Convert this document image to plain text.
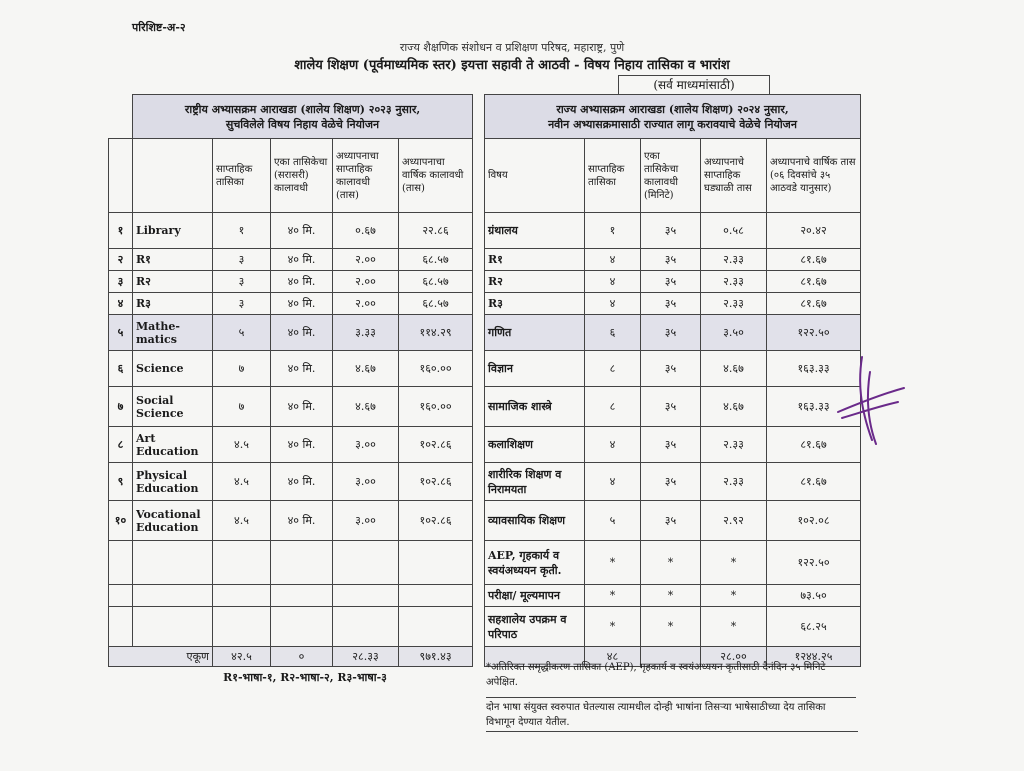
परिशिष्ट-अ-२
राज्य शैक्षणिक संशोधन व प्रशिक्षण परिषद, महाराष्ट्र, पुणे
शालेय शिक्षण (पूर्वमाध्यमिक स्तर) इयत्ता सहावी ते आठवी - विषय निहाय तासिका व भारांश
(सर्व माध्यमांसाठी)

	राष्ट्रीय अभ्यासक्रम आराखडा (शालेय शिक्षण) २०२३ नुसार,
सुचविलेले विषय निहाय वेळेचे नियोजन				

		साप्ताहिक तासिका	एका तासिकेचा (सरासरी) कालावधी	अध्यापनाचा साप्ताहिक कालावधी (तास)	अध्यापनाचा वार्षिक कालावधी (तास)
१	Library	१	४० मि.	०.६७	२२.८६
२	R१	३	४० मि.	२.००	६८.५७
३	R२	३	४० मि.	२.००	६८.५७
४	R३	३	४० मि.	२.००	६८.५७
५	Mathe-matics	५	४० मि.	३.३३	११४.२९
६	Science	७	४० मि.	४.६७	१६०.००
७	Social Science	७	४० मि.	४.६७	१६०.००
८	Art Education	४.५	४० मि.	३.००	१०२.८६
९	Physical Education	४.५	४० मि.	३.००	१०२.८६
१०	Vocational Education	४.५	४० मि.	३.००	१०२.८६

एकूण		४२.५	०	२८.३३	९७१.४३
राज्य अभ्यासक्रम आराखडा (शालेय शिक्षण) २०२४ नुसार,
नवीन अभ्यासक्रमासाठी राज्यात लागू करावयाचे वेळेचे नियोजन				

विषय	साप्ताहिक तासिका	एका तासिकेचा कालावधी (मिनिटे)	अध्यापनाचे साप्ताहिक घड्याळी तास	अध्यापनाचे वार्षिक तास (०६ दिवसांचे ३५ आठवडे यानुसार)
ग्रंथालय	१	३५	०.५८	२०.४२
R१	४	३५	२.३३	८१.६७
R२	४	३५	२.३३	८१.६७
R३	४	३५	२.३३	८१.६७
गणित	६	३५	३.५०	१२२.५०
विज्ञान	८	३५	४.६७	१६३.३३
सामाजिक शास्त्रे	८	३५	४.६७	१६३.३३
कलाशिक्षण	४	३५	२.३३	८१.६७
शारीरिक शिक्षण व निरामयता	४	३५	२.३३	८१.६७
व्यावसायिक शिक्षण	५	३५	२.९२	१०२.०८
AEP, गृहकार्य व स्वयंअध्ययन कृती.	*	*	*	१२२.५०
परीक्षा/ मूल्यमापन	*	*	*	७३.५०
सहशालेय उपक्रम व परिपाठ	*	*	*	६८.२५
	४८		२८.००	१२४४.२५
R१-भाषा-१, R२-भाषा-२, R३-भाषा-३
*अतिरिक्त समृद्धीकरण तासिका (AEP), गृहकार्य व स्वयंअध्ययन कृतीसाठी दैनंदिन ३५ मिनिटे अपेक्षित.
दोन भाषा संयुक्त स्वरुपात घेतल्यास त्यामधील दोन्ही भाषांना तिसऱ्या भाषेसाठीच्या देय तासिका विभागून देण्यात येतील.
